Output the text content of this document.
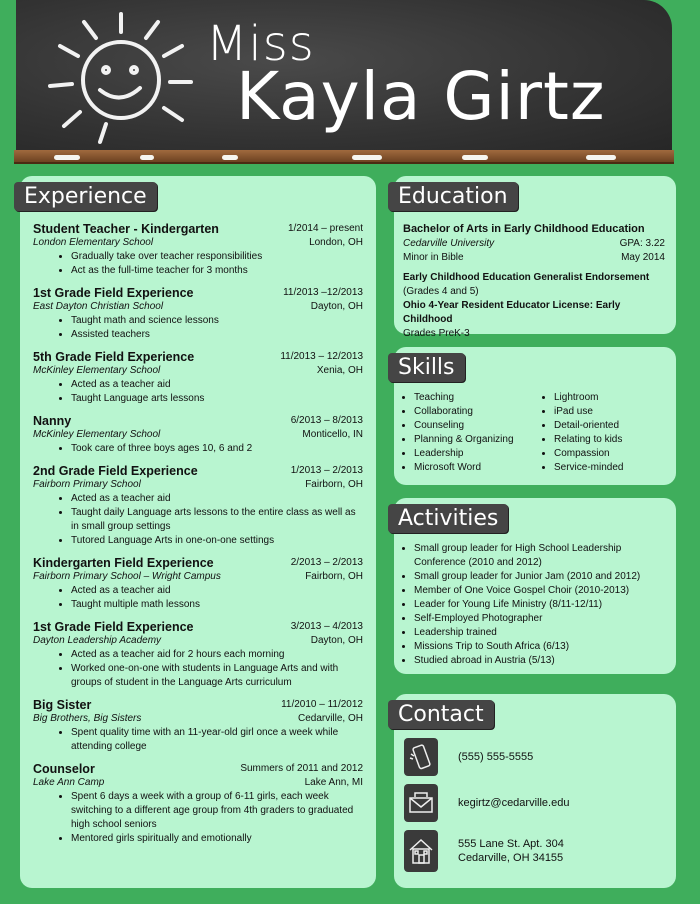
Miss
Kayla Girtz
Experience
Student Teacher - Kindergarten	1/2014 – present
London Elementary School	London, OH
• Gradually take over teacher responsibilities
• Act as the full-time teacher for 3 months
1st Grade Field Experience	11/2013 –12/2013
East Dayton Christian School	Dayton, OH
• Taught math and science lessons
• Assisted teachers
5th Grade Field Experience	11/2013 – 12/2013
McKinley Elementary School	Xenia, OH
• Acted as a teacher aid
• Taught Language arts lessons
Nanny	6/2013 – 8/2013
McKinley Elementary School	Monticello, IN
• Took care of three boys ages 10, 6 and 2
2nd Grade Field Experience	1/2013 – 2/2013
Fairborn Primary School	Fairborn, OH
• Acted as a teacher aid
• Taught daily Language arts lessons to the entire class as well as in small group settings
• Tutored Language Arts in one-on-one settings
Kindergarten Field Experience	2/2013 – 2/2013
Fairborn Primary School – Wright Campus	Fairborn, OH
• Acted as a teacher aid
• Taught multiple math lessons
1st Grade Field Experience	3/2013 – 4/2013
Dayton Leadership Academy	Dayton, OH
• Acted as a teacher aid for 2 hours each morning
• Worked one-on-one with students in Language Arts and with groups of student in the Language Arts curriculum
Big Sister	11/2010 – 11/2012
Big Brothers, Big Sisters	Cedarville, OH
• Spent quality time with an 11-year-old girl once a week while attending college
Counselor	Summers of 2011 and 2012
Lake Ann Camp	Lake Ann, MI
• Spent 6 days a week with a group of 6-11 girls, each week switching to a different age group from 4th graders to graduated high school seniors
• Mentored girls spiritually and emotionally
Education
Bachelor of Arts in Early Childhood Education
Cedarville University	GPA: 3.22
Minor in Bible	May 2014
Early Childhood Education Generalist Endorsement
(Grades 4 and 5)
Ohio 4-Year Resident Educator License: Early Childhood
Grades PreK-3
Skills
• Teaching
• Collaborating
• Counseling
• Planning & Organizing
• Leadership
• Microsoft Word
• Lightroom
• iPad use
• Detail-oriented
• Relating to kids
• Compassion
• Service-minded
Activities
• Small group leader for High School Leadership Conference (2010 and 2012)
• Small group leader for Junior Jam (2010 and 2012)
• Member of One Voice Gospel Choir (2010-2013)
• Leader for Young Life Ministry (8/11-12/11)
• Self-Employed Photographer
• Leadership trained
• Missions Trip to South Africa (6/13)
• Studied abroad in Austria (5/13)
Contact
(555) 555-5555
kegirtz@cedarville.edu
555 Lane St. Apt. 304
Cedarville, OH 34155
